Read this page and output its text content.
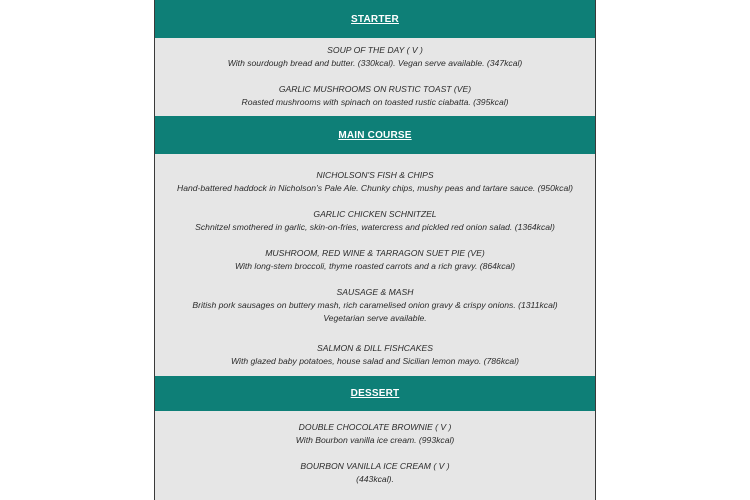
STARTER
SOUP OF THE DAY ( V )
With sourdough bread and butter. (330kcal). Vegan serve available. (347kcal)
GARLIC MUSHROOMS ON RUSTIC TOAST (VE)
Roasted mushrooms with spinach on toasted rustic ciabatta. (395kcal)
MAIN COURSE
NICHOLSON'S FISH & CHIPS
Hand-battered haddock in Nicholson’s Pale Ale. Chunky chips, mushy peas and tartare sauce. (950kcal)
GARLIC CHICKEN SCHNITZEL
Schnitzel smothered in garlic, skin-on-fries, watercress and pickled red onion salad. (1364kcal)
MUSHROOM, RED WINE & TARRAGON SUET PIE (VE)
With long-stem broccoli, thyme roasted carrots and a rich gravy. (864kcal)
SAUSAGE & MASH
British pork sausages on buttery mash, rich caramelised onion gravy & crispy onions. (1311kcal)
Vegetarian serve available.
SALMON & DILL FISHCAKES
With glazed baby potatoes, house salad and Sicilian lemon mayo. (786kcal)
DESSERT
DOUBLE CHOCOLATE BROWNIE ( V )
With Bourbon vanilla ice cream. (993kcal)
BOURBON VANILLA ICE CREAM ( V )
(443kcal).
